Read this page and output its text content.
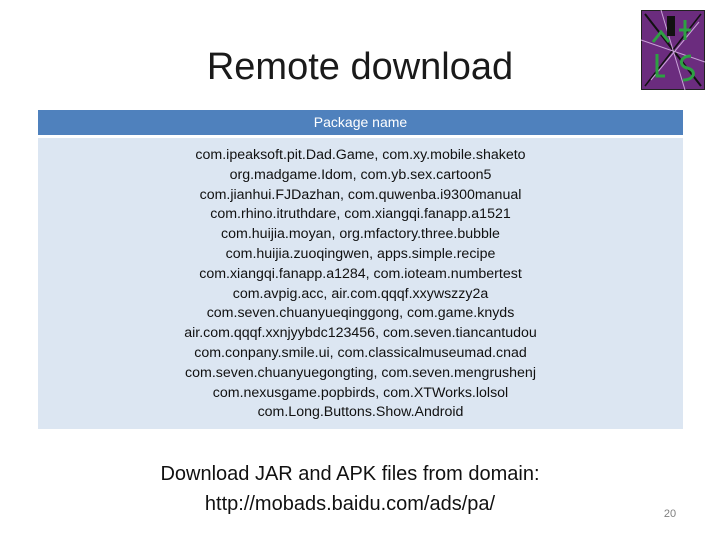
Remote download
Package name
com.ipeaksoft.pit.Dad.Game, com.xy.mobile.shaketo
org.madgame.Idom, com.yb.sex.cartoon5
com.jianhui.FJDazhan, com.quwenba.i9300manual
com.rhino.itruthdare, com.xiangqi.fanapp.a1521
com.huijia.moyan, org.mfactory.three.bubble
com.huijia.zuoqingwen, apps.simple.recipe
com.xiangqi.fanapp.a1284, com.ioteam.numbertest
com.avpig.acc, air.com.qqqf.xxywszzy2a
com.seven.chuanyueqinggong, com.game.knyds
air.com.qqqf.xxnjyybdc123456, com.seven.tiancantudou
com.conpany.smile.ui, com.classicalmuseumad.cnad
com.seven.chuanyuegongting, com.seven.mengrushenj
com.nexusgame.popbirds, com.XTWorks.lolsol
com.Long.Buttons.Show.Android
Download JAR and APK files from domain:
http://mobads.baidu.com/ads/pa/	20
